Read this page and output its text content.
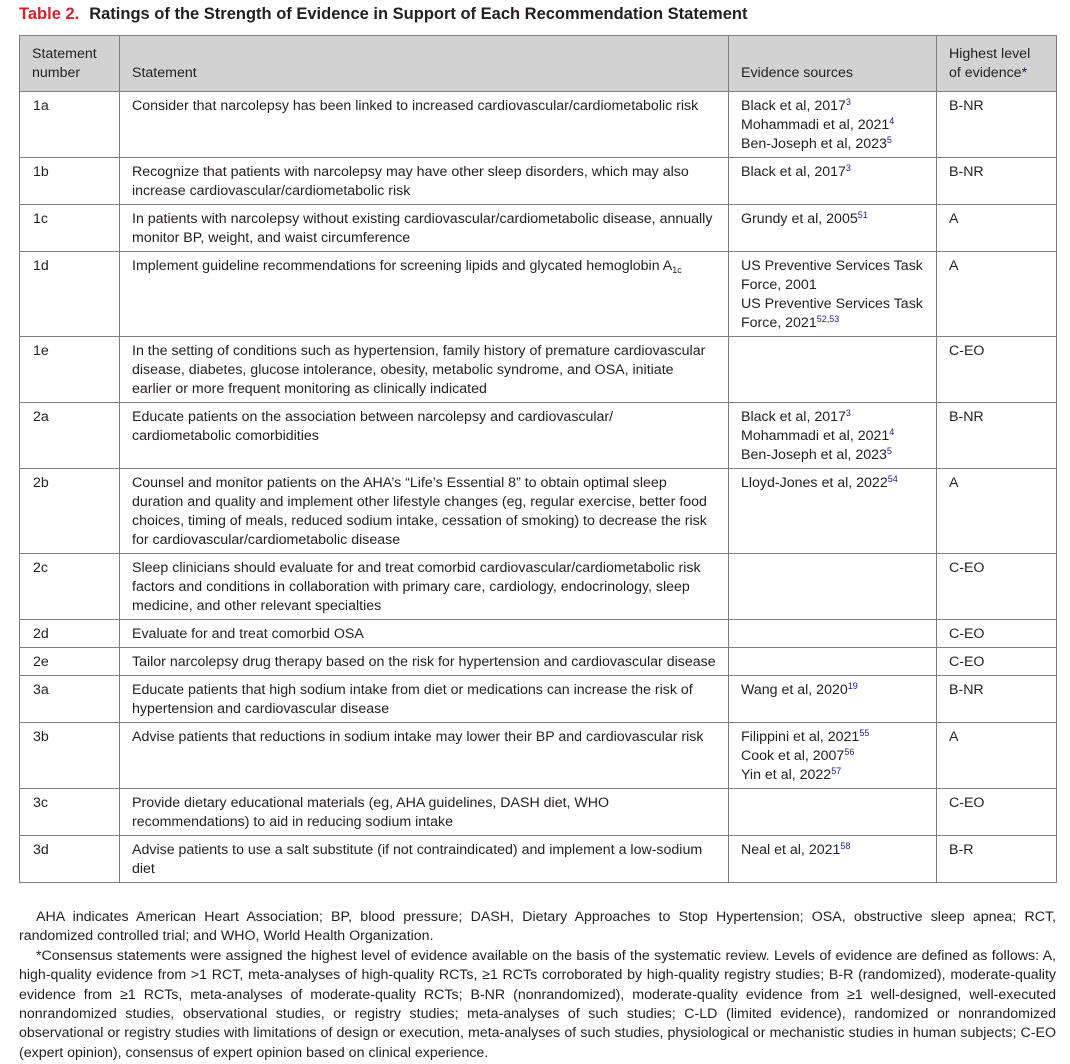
Table 2. Ratings of the Strength of Evidence in Support of Each Recommendation Statement
Statement
number	Statement	Evidence sources	Highest level
of evidence*
1a	Consider that narcolepsy has been linked to increased cardiovascular/cardiometabolic risk	Black et al, 2017$^3$
Mohammadi et al, 2021$^4$
Ben-Joseph et al, 2023$^5$	B-NR
1b	Recognize that patients with narcolepsy may have other sleep disorders, which may also increase cardiovascular/cardiometabolic risk	Black et al, 2017$^3$	B-NR
1c	In patients with narcolepsy without existing cardiovascular/cardiometabolic disease, annually monitor BP, weight, and waist circumference	Grundy et al, 2005$^{51}$	A
1d	Implement guideline recommendations for screening lipids and glycated hemoglobin $A_{1c}$	US Preventive Services Task Force, 2001
US Preventive Services Task Force, 2021$^{52,53}$	A
1e	In the setting of conditions such as hypertension, family history of premature cardiovascular disease, diabetes, glucose intolerance, obesity, metabolic syndrome, and OSA, initiate earlier or more frequent monitoring as clinically indicated		C-EO
2a	Educate patients on the association between narcolepsy and cardiovascular/ cardiometabolic comorbidities	Black et al, 2017$^3$
Mohammadi et al, 2021$^4$
Ben-Joseph et al, 2023$^5$	B-NR
2b	Counsel and monitor patients on the AHA’s “Life’s Essential 8” to obtain optimal sleep duration and quality and implement other lifestyle changes (eg, regular exercise, better food choices, timing of meals, reduced sodium intake, cessation of smoking) to decrease the risk for cardiovascular/cardiometabolic disease	Lloyd-Jones et al, 2022$^{54}$	A
2c	Sleep clinicians should evaluate for and treat comorbid cardiovascular/cardiometabolic risk factors and conditions in collaboration with primary care, cardiology, endocrinology, sleep medicine, and other relevant specialties		C-EO
2d	Evaluate for and treat comorbid OSA		C-EO
2e	Tailor narcolepsy drug therapy based on the risk for hypertension and cardiovascular disease		C-EO
3a	Educate patients that high sodium intake from diet or medications can increase the risk of hypertension and cardiovascular disease	Wang et al, 2020$^{19}$	B-NR
3b	Advise patients that reductions in sodium intake may lower their BP and cardiovascular risk	Filippini et al, 2021$^{55}$
Cook et al, 2007$^{56}$
Yin et al, 2022$^{57}$	A
3c	Provide dietary educational materials (eg, AHA guidelines, DASH diet, WHO recommendations) to aid in reducing sodium intake		C-EO
3d	Advise patients to use a salt substitute (if not contraindicated) and implement a low-sodium diet	Neal et al, 2021$^{58}$	B-R

AHA indicates American Heart Association; BP, blood pressure; DASH, Dietary Approaches to Stop Hypertension; OSA, obstructive sleep apnea; RCT, randomized controlled trial; and WHO, World Health Organization.

*Consensus statements were assigned the highest level of evidence available on the basis of the systematic review. Levels of evidence are defined as follows: A, high-quality evidence from >1 RCT, meta-analyses of high-quality RCTs, ≥1 RCTs corroborated by high-quality registry studies; B-R (randomized), moderate-quality evidence from ≥1 RCTs, meta-analyses of moderate-quality RCTs; B-NR (nonrandomized), moderate-quality evidence from ≥1 well-designed, well-executed nonrandomized studies, observational studies, or registry studies; meta-analyses of such studies; C-LD (limited evidence), randomized or nonrandomized observational or registry studies with limitations of design or execution, meta-analyses of such studies, physiological or mechanistic studies in human subjects; C-EO (expert opinion), consensus of expert opinion based on clinical experience.
